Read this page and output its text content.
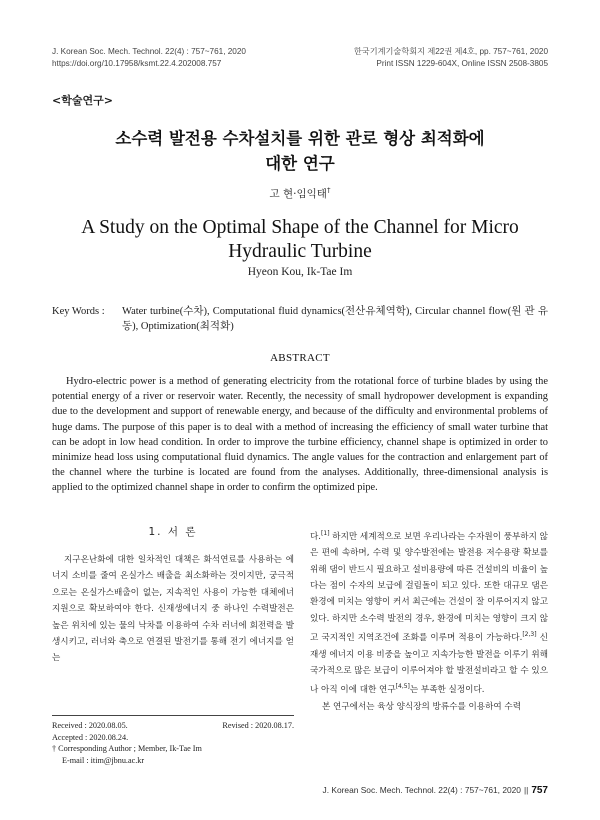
J. Korean Soc. Mech. Technol. 22(4) : 757~761, 2020
https://doi.org/10.17958/ksmt.22.4.202008.757
한국기계기술학회지 제22권 제4호, pp. 757~761, 2020
Print ISSN 1229-604X, Online ISSN 2508-3805
<학술연구>
소수력 발전용 수차설치를 위한 관로 형상 최적화에
대한 연구
고 현·임익태†
A Study on the Optimal Shape of the Channel for Micro
Hydraulic Turbine
Hyeon Kou, Ik-Tae Im
Key Words : Water turbine(수차), Computational fluid dynamics(전산유체역학), Circular channel flow(원 관 유동), Optimization(최적화)
ABSTRACT
Hydro-electric power is a method of generating electricity from the rotational force of turbine blades by using the potential energy of a river or reservoir water. Recently, the necessity of small hydropower development is expanding due to the development and support of renewable energy, and because of the difficulty and environmental problems of huge dams. The purpose of this paper is to deal with a method of increasing the efficiency of small water turbine that can be adopt in low head condition. In order to improve the turbine efficiency, channel shape is optimized in order to minimize head loss using computational fluid dynamics. The angle values for the contraction and enlargement part of the channel where the turbine is located are found from the analyses. Additionally, three-dimensional analysis is applied to the optimized channel shape in order to confirm the optimized pipe.
1. 서 론

지구온난화에 대한 일차적인 대책은 화석연료를 사용하는 에너지 소비를 줄여 온실가스 배출을 최소화하는 것이지만, 궁극적으로는 온실가스배출이 없는, 지속적인 사용이 가능한 대체에너지원으로 확보하여야 한다. 신재생에너지 중 하나인 수력발전은 높은 위치에 있는 물의 낙차를 이용하여 수차 러너에 회전력을 발생시키고, 러너와 축으로 연결된 발전기를 통해 전기 에너지를 얻는

다.[1] 하지만 세계적으로 보면 우리나라는 수자원이 풍부하지 않은 편에 속하며, 수력 및 양수발전에는 발전용 저수용량 확보를 위해 댐이 반드시 필요하고 설비용량에 따른 건설비의 비율이 높다는 점이 수자의 보급에 걸림돌이 되고 있다. 또한 대규모 댐은 환경에 미치는 영향이 커서 최근에는 건설이 잘 이루어지지 않고 있다. 하지만 소수력 발전의 경우, 환경에 미치는 영향이 크지 않고 국지적인 지역조건에 조화를 이루며 적용이 가능하다.[2,3] 신재생 에너지 이용 비중을 높이고 지속가능한 발전을 이루기 위해 국가적으로 많은 보급이 이루어져야 할 발전설비라고 할 수 있으나 아직 이에 대한 연구[4,5]는 부족한 실정이다.

본 연구에서는 육상 양식장의 방류수를 이용하여 수력

Received : 2020.08.05.	Revised : 2020.08.17.
Accepted : 2020.08.24.
† Corresponding Author ; Member, Ik-Tae Im
E-mail : itim@jbnu.ac.kr
J. Korean Soc. Mech. Technol. 22(4) : 757~761, 2020 || 757
